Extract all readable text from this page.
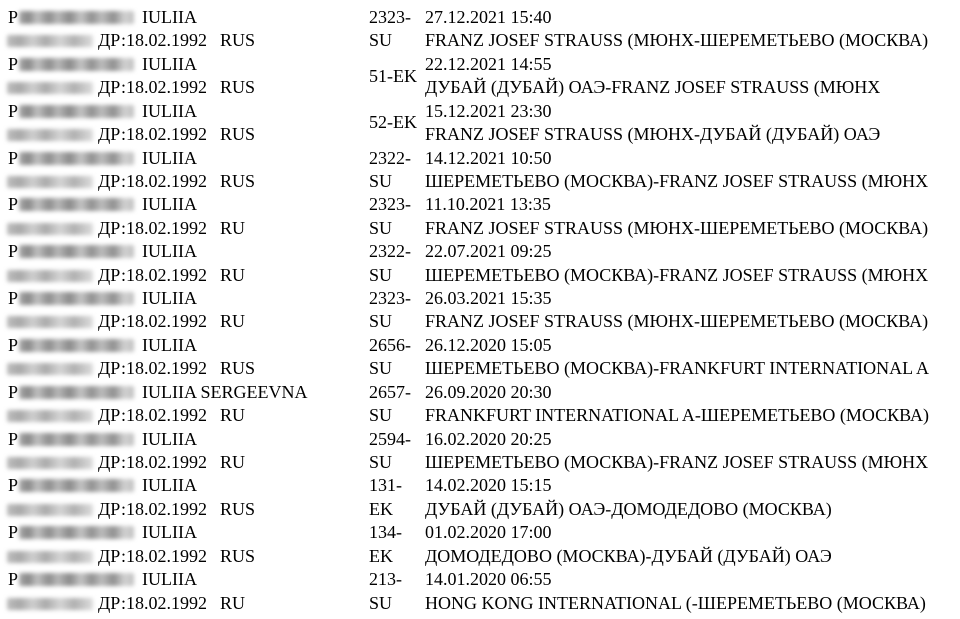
P	IULIIA
ДР:18.02.1992 RUS
2323-
SU
27.12.2021 15:40
FRANZ JOSEF STRAUSS (МЮНХ-ШЕРЕМЕТЬЕВО (МОСКВА)
P	IULIIA
ДР:18.02.1992 RUS
51-EK
22.12.2021 14:55
ДУБАЙ (ДУБАЙ) ОАЭ-FRANZ JOSEF STRAUSS (МЮНХ
P	IULIIA
ДР:18.02.1992 RUS
52-EK
15.12.2021 23:30
FRANZ JOSEF STRAUSS (МЮНХ-ДУБАЙ (ДУБАЙ) ОАЭ
P	IULIIA
ДР:18.02.1992 RUS
2322-
SU
14.12.2021 10:50
ШЕРЕМЕТЬЕВО (МОСКВА)-FRANZ JOSEF STRAUSS (МЮНХ
P	IULIIA
ДР:18.02.1992 RU
2323-
SU
11.10.2021 13:35
FRANZ JOSEF STRAUSS (МЮНХ-ШЕРЕМЕТЬЕВО (МОСКВА)
P	IULIIA
ДР:18.02.1992 RU
2322-
SU
22.07.2021 09:25
ШЕРЕМЕТЬЕВО (МОСКВА)-FRANZ JOSEF STRAUSS (МЮНХ
P	IULIIA
ДР:18.02.1992 RU
2323-
SU
26.03.2021 15:35
FRANZ JOSEF STRAUSS (МЮНХ-ШЕРЕМЕТЬЕВО (МОСКВА)
P	IULIIA
ДР:18.02.1992 RUS
2656-
SU
26.12.2020 15:05
ШЕРЕМЕТЬЕВО (МОСКВА)-FRANKFURT INTERNATIONAL A
P	IULIIA SERGEEVNA
ДР:18.02.1992 RU
2657-
SU
26.09.2020 20:30
FRANKFURT INTERNATIONAL A-ШЕРЕМЕТЬЕВО (МОСКВА)
P	IULIIA
ДР:18.02.1992 RU
2594-
SU
16.02.2020 20:25
ШЕРЕМЕТЬЕВО (МОСКВА)-FRANZ JOSEF STRAUSS (МЮНХ
P	IULIIA
ДР:18.02.1992 RUS
131-
EK
14.02.2020 15:15
ДУБАЙ (ДУБАЙ) ОАЭ-ДОМОДЕДОВО (МОСКВА)
P	IULIIA
ДР:18.02.1992 RUS
134-
EK
01.02.2020 17:00
ДОМОДЕДОВО (МОСКВА)-ДУБАЙ (ДУБАЙ) ОАЭ
P	IULIIA
ДР:18.02.1992 RU
213-
SU
14.01.2020 06:55
HONG KONG INTERNATIONAL (-ШЕРЕМЕТЬЕВО (МОСКВА)
